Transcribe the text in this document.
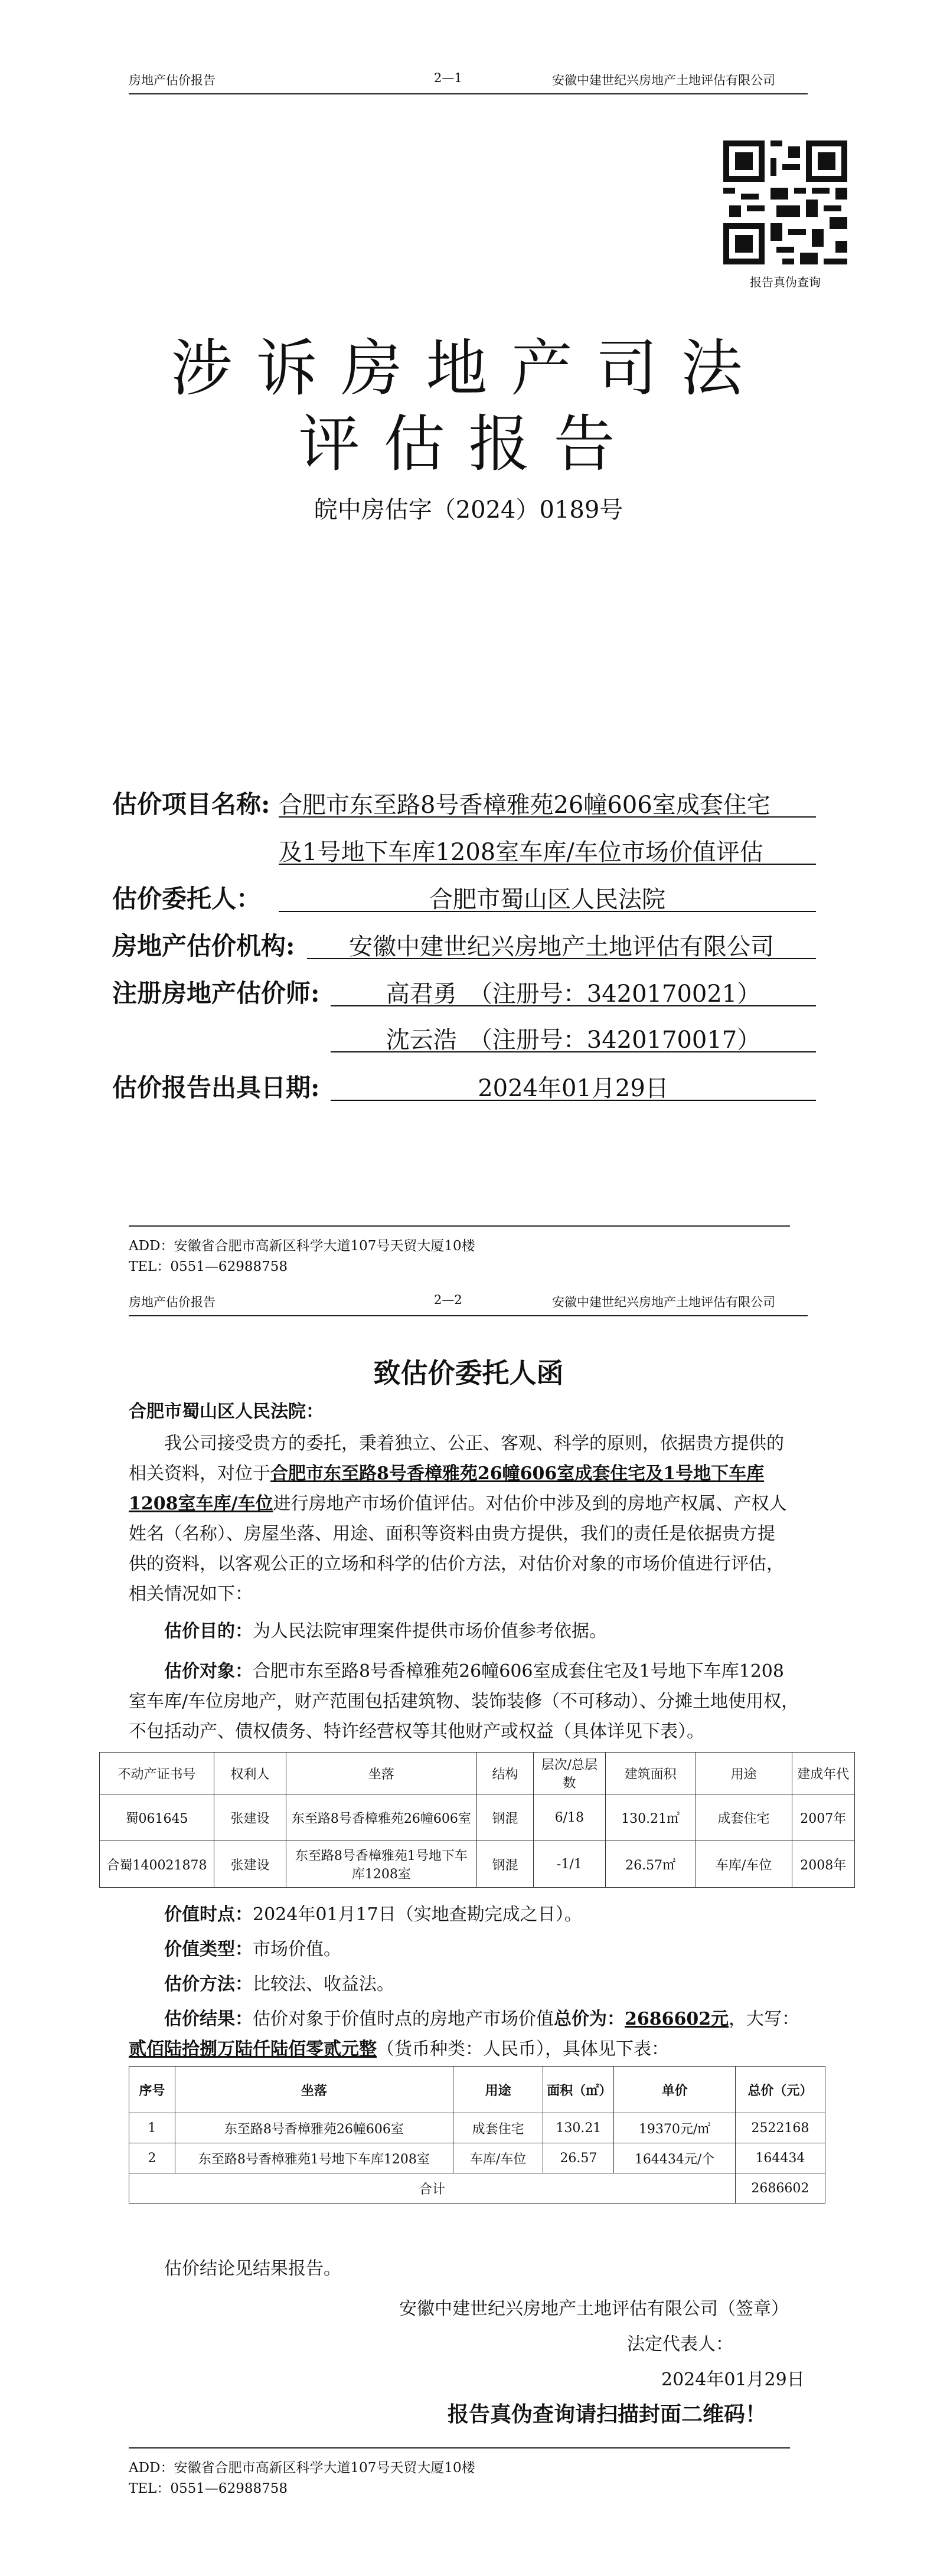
房地产估价报告	2—1	安徽中建世纪兴房地产土地评估有限公司
报告真伪查询
涉诉房地产司法
评估报告
皖中房估字（2024）0189号
估价项目名称: 合肥市东至路8号香樟雅苑26幢606室成套住宅
及1号地下车库1208室车库/车位市场价值评估
估价委托人：	合肥市蜀山区人民法院
房地产估价机构:	安徽中建世纪兴房地产土地评估有限公司
注册房地产估价师:	高君勇　（注册号：3420170021）
沈云浩　（注册号：3420170017）
估价报告出具日期:	2024年01月29日
ADD：安徽省合肥市高新区科学大道107号天贸大厦10楼
TEL：0551—62988758
房地产估价报告	2—2	安徽中建世纪兴房地产土地评估有限公司
致估价委托人函
合肥市蜀山区人民法院：
我公司接受贵方的委托，秉着独立、公正、客观、科学的原则，依据贵方提供的
相关资料，对位于合肥市东至路8号香樟雅苑26幢606室成套住宅及1号地下车库
1208室车库/车位进行房地产市场价值评估。对估价中涉及到的房地产权属、产权人
姓名（名称）、房屋坐落、用途、面积等资料由贵方提供，我们的责任是依据贵方提
供的资料，以客观公正的立场和科学的估价方法，对估价对象的市场价值进行评估，
相关情况如下：
估价目的：为人民法院审理案件提供市场价值参考依据。
估价对象：合肥市东至路8号香樟雅苑26幢606室成套住宅及1号地下车库1208
室车库/车位房地产，财产范围包括建筑物、装饰装修（不可移动）、分摊土地使用权，
不包括动产、债权债务、特许经营权等其他财产或权益（具体详见下表）。
不动产证书号	权利人	坐落	结构	层次/总层数	建筑面积	用途	建成年代
蜀061645	张建设	东至路8号香樟雅苑26幢606室	钢混	6/18	130.21㎡	成套住宅	2007年
合蜀140021878	张建设	东至路8号香樟雅苑1号地下车库1208室	钢混	-1/1	26.57㎡	车库/车位	2008年
价值时点：2024年01月17日（实地查勘完成之日）。
价值类型：市场价值。
估价方法：比较法、收益法。
估价结果：估价对象于价值时点的房地产市场价值总价为：2686602元，大写：
贰佰陆拾捌万陆仟陆佰零贰元整（货币种类：人民币），具体见下表：
序号	坐落	用途	面积（㎡）	单价	总价（元）
1	东至路8号香樟雅苑26幢606室	成套住宅	130.21	19370元/㎡	2522168
2	东至路8号香樟雅苑1号地下车库1208室	车库/车位	26.57	164434元/个	164434
合计					2686602
估价结论见结果报告。
安徽中建世纪兴房地产土地评估有限公司（签章）
法定代表人：
2024年01月29日
报告真伪查询请扫描封面二维码！
ADD：安徽省合肥市高新区科学大道107号天贸大厦10楼
TEL：0551—62988758
